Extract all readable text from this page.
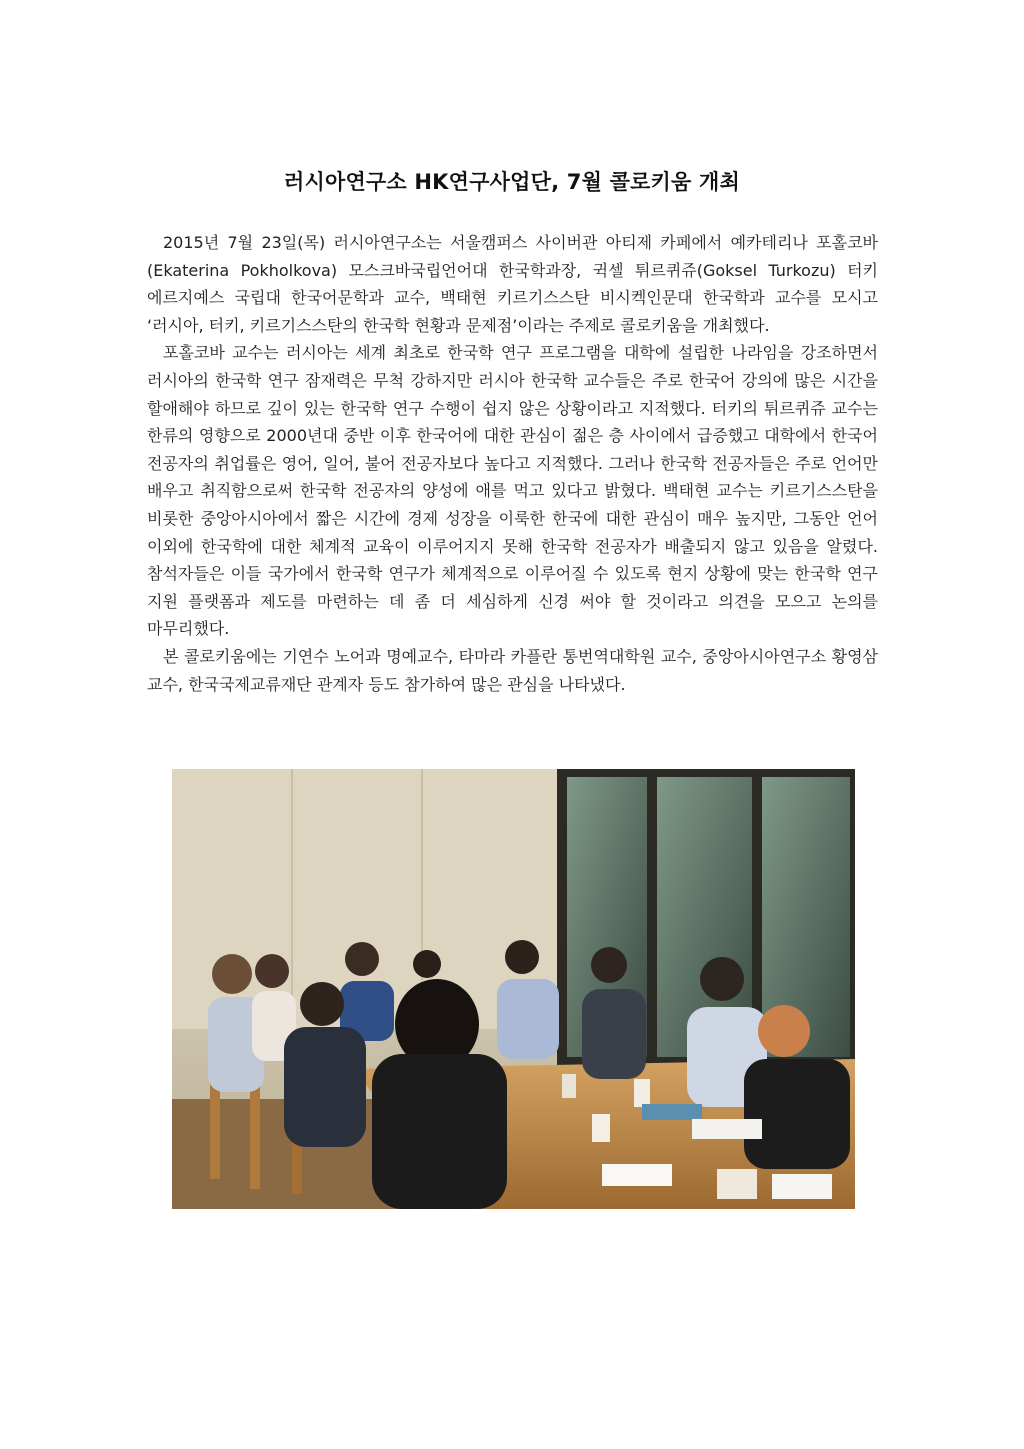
러시아연구소 HK연구사업단, 7월 콜로키움 개최

2015년 7월 23일(목) 러시아연구소는 서울캠퍼스 사이버관 아티제 카페에서 예카테리나 포홀코바(Ekaterina Pokholkova) 모스크바국립언어대 한국학과장, 귁셀 튀르퀴쥬(Goksel Turkozu) 터키 에르지예스 국립대 한국어문학과 교수, 백태현 키르기스스탄 비시켁인문대 한국학과 교수를 모시고 ‘러시아, 터키, 키르기스스탄의 한국학 현황과 문제점’이라는 주제로 콜로키움을 개최했다.

포홀코바 교수는 러시아는 세계 최초로 한국학 연구 프로그램을 대학에 설립한 나라임을 강조하면서 러시아의 한국학 연구 잠재력은 무척 강하지만 러시아 한국학 교수들은 주로 한국어 강의에 많은 시간을 할애해야 하므로 깊이 있는 한국학 연구 수행이 쉽지 않은 상황이라고 지적했다. 터키의 튀르퀴쥬 교수는 한류의 영향으로 2000년대 중반 이후 한국어에 대한 관심이 젊은 층 사이에서 급증했고 대학에서 한국어 전공자의 취업률은 영어, 일어, 불어 전공자보다 높다고 지적했다. 그러나 한국학 전공자들은 주로 언어만 배우고 취직함으로써 한국학 전공자의 양성에 애를 먹고 있다고 밝혔다. 백태현 교수는 키르기스스탄을 비롯한 중앙아시아에서 짧은 시간에 경제 성장을 이룩한 한국에 대한 관심이 매우 높지만, 그동안 언어 이외에 한국학에 대한 체계적 교육이 이루어지지 못해 한국학 전공자가 배출되지 않고 있음을 알렸다. 참석자들은 이들 국가에서 한국학 연구가 체계적으로 이루어질 수 있도록 현지 상황에 맞는 한국학 연구 지원 플랫폼과 제도를 마련하는 데 좀 더 세심하게 신경 써야 할 것이라고 의견을 모으고 논의를 마무리했다.

본 콜로키움에는 기연수 노어과 명예교수, 타마라 카플란 통번역대학원 교수, 중앙아시아연구소 황영삼 교수, 한국국제교류재단 관계자 등도 참가하여 많은 관심을 나타냈다.
